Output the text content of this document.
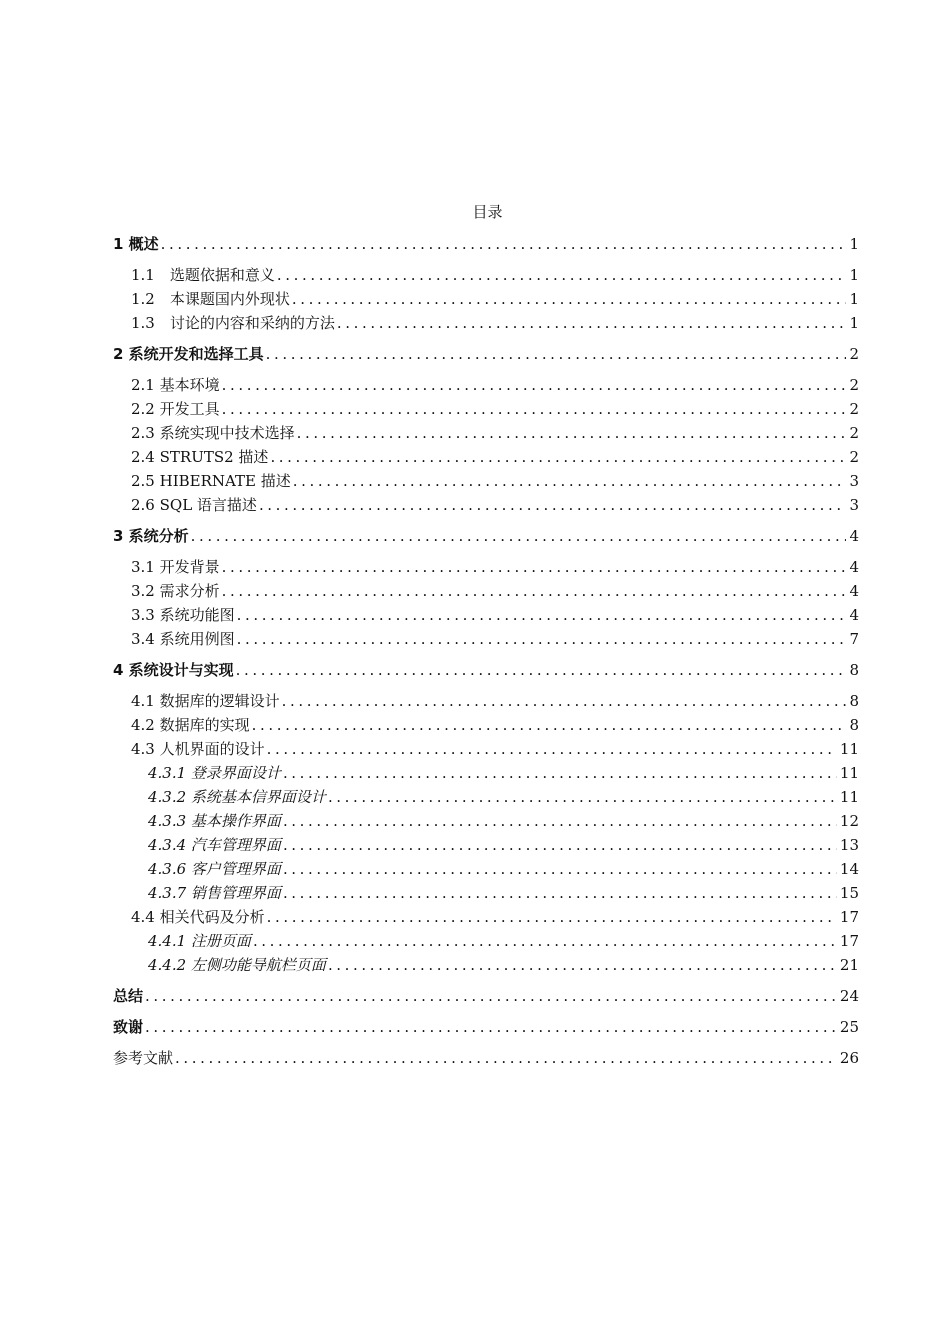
目录
1 概述 .....	1
1.1　选题依据和意义 .....	1
1.2　本课题国内外现状 .....	1
1.3　讨论的内容和采纳的方法 .....	1
2 系统开发和选择工具 .....	2
2.1 基本环境 .....	2
2.2 开发工具 .....	2
2.3 系统实现中技术选择 .....	2
2.4 STRUTS2 描述 .....	2
2.5 HIBERNATE 描述 .....	3
2.6 SQL 语言描述 .....	3
3 系统分析 .....	4
3.1 开发背景 .....	4
3.2 需求分析 .....	4
3.3 系统功能图 .....	4
3.4 系统用例图 .....	7
4 系统设计与实现 .....	8
4.1 数据库的逻辑设计 .....	8
4.2 数据库的实现 .....	8
4.3 人机界面的设计 .....	11
4.3.1 登录界面设计 .....	11
4.3.2 系统基本信界面设计 .....	11
4.3.3 基本操作界面 .....	12
4.3.4 汽车管理界面 .....	13
4.3.6 客户管理界面 .....	14
4.3.7 销售管理界面 .....	15
4.4 相关代码及分析 .....	17
4.4.1 注册页面 .....	17
4.4.2 左侧功能导航栏页面 .....	21
总结 .....	24
致谢 .....	25
参考文献 .....	26
